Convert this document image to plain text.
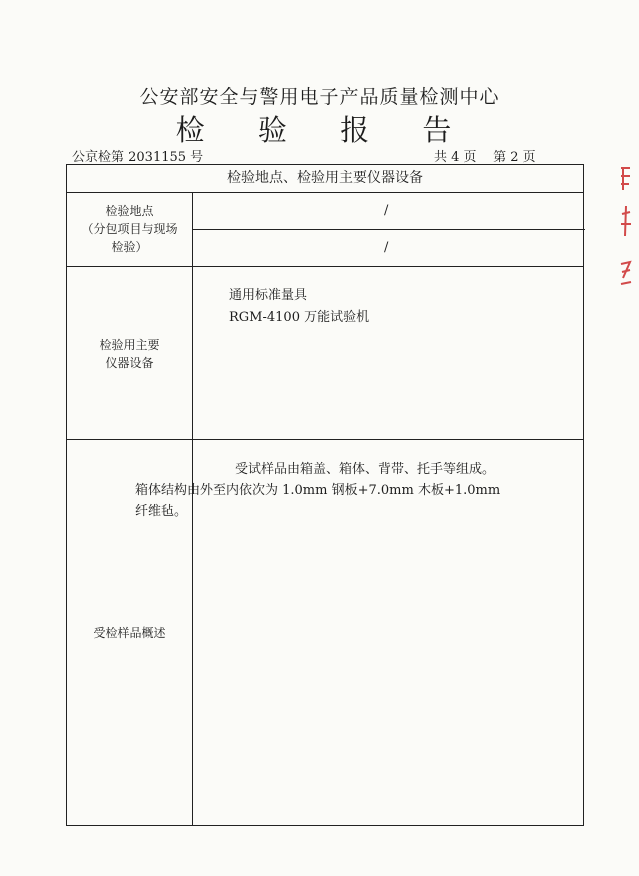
公安部安全与警用电子产品质量检测中心
检 验 报 告
公京检第 2031155 号	共 4 页 第 2 页
检验地点、检验用主要仪器设备
检验地点
（分包项目与现场
检验）
/
/
检验用主要
仪器设备
通用标准量具
RGM-4100 万能试验机
受检样品概述

受试样品由箱盖、箱体、背带、托手等组成。

箱体结构由外至内依次为 1.0mm 钢板+7.0mm 木板+1.0mm

纤维毡。
